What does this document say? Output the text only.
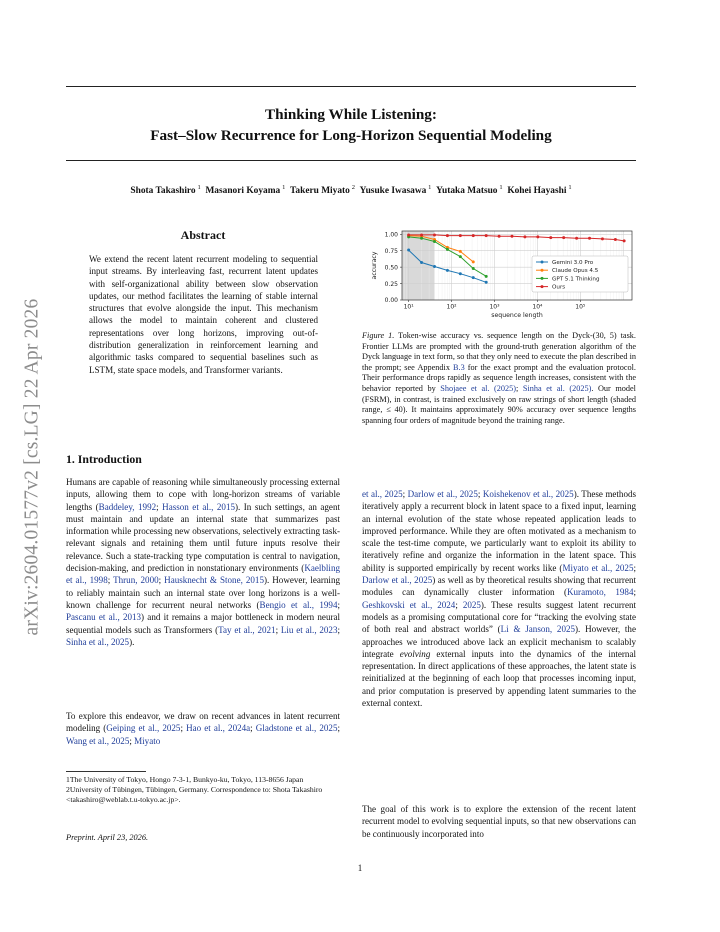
Thinking While Listening:
Fast–Slow Recurrence for Long-Horizon Sequential Modeling
Shota Takashiro  $^1$ Masanori Koyama  $^1$ Takeru Miyato  $^2$ Yusuke Iwasawa  $^1$ Yutaka Matsuo  $^1$ Kohei Hayashi  $^1$
arXiv:2604.01577v2 [cs.LG] 22 Apr 2026
Abstract
We extend the recent latent recurrent modeling to sequential input streams. By interleaving fast, recurrent latent updates with self-organizational ability between slow observation updates, our method facilitates the learning of stable internal structures that evolve alongside the input. This mechanism allows the model to maintain coherent and clustered representations over long horizons, improving out-of-distribution generalization in reinforcement learning and algorithmic tasks compared to sequential baselines such as LSTM, state space models, and Transformer variants.
1. Introduction
Humans are capable of reasoning while simultaneously processing external inputs, allowing them to cope with long-horizon streams of variable lengths (Baddeley, 1992; Hasson et al., 2015). In such settings, an agent must maintain and update an internal state that summarizes past information while processing new observations, selectively extracting task-relevant signals and retaining them until future inputs resolve their relevance. Such a state-tracking type computation is central to navigation, decision-making, and prediction in nonstationary environments (Kaelbling et al., 1998; Thrun, 2000; Hausknecht & Stone, 2015). However, learning to reliably maintain such an internal state over long horizons is a well-known challenge for recurrent neural networks (Bengio et al., 1994; Pascanu et al., 2013) and it remains a major bottleneck in modern neural sequential models such as Transformers (Tay et al., 2021; Liu et al., 2023; Sinha et al., 2025).
To explore this endeavor, we draw on recent advances in latent recurrent modeling (Geiping et al., 2025; Hao et al., 2024a; Gladstone et al., 2025; Wang et al., 2025; Miyato
1The University of Tokyo, Hongo 7-3-1, Bunkyo-ku, Tokyo, 113-8656 Japan 2University of Tübingen, Tübingen, Germany. Correspondence to: Shota Takashiro <takashiro@weblab.t.u-tokyo.ac.jp>.
Preprint. April 23, 2026.
0.00
0.25
0.50
0.75
1.00
10¹	10²	10³	10⁴	10⁵
sequence length
accuracy	Gemini 3.0 Pro
Claude Opus 4.5
GPT 5.1 Thinking
Ours
Figure 1. Token-wise accuracy vs. sequence length on the Dyck-(30, 5) task. Frontier LLMs are prompted with the ground-truth generation algorithm of the Dyck language in text form, so that they only need to execute the plan described in the prompt; see Appendix B.3 for the exact prompt and the evaluation protocol. Their performance drops rapidly as sequence length increases, consistent with the behavior reported by Shojaee et al. (2025); Sinha et al. (2025). Our model (FSRM), in contrast, is trained exclusively on raw strings of short length (shaded range, ≤ 40). It maintains approximately 90% accuracy over sequence lengths spanning four orders of magnitude beyond the training range.
et al., 2025; Darlow et al., 2025; Koishekenov et al., 2025). These methods iteratively apply a recurrent block in latent space to a fixed input, learning an internal evolution of the state whose repeated application leads to improved performance. While they are often motivated as a mechanism to scale the test-time compute, we particularly want to exploit its ability to iteratively refine and organize the information in the latent space. This ability is supported empirically by recent works like (Miyato et al., 2025; Darlow et al., 2025) as well as by theoretical results showing that recurrent modules can dynamically cluster information (Kuramoto, 1984; Geshkovski et al., 2024; 2025). These results suggest latent recurrent models as a promising computational core for “tracking the evolving state of both real and abstract worlds” (Li & Janson, 2025). However, the approaches we introduced above lack an explicit mechanism to scalably integrate evolving external inputs into the dynamics of the internal representation. In direct applications of these approaches, the latent state is reinitialized at the beginning of each loop that processes incoming input, and prior computation is preserved by appending latent summaries to the external context.
The goal of this work is to explore the extension of the recent latent recurrent model to evolving sequential inputs, so that new observations can be continuously incorporated into
1
